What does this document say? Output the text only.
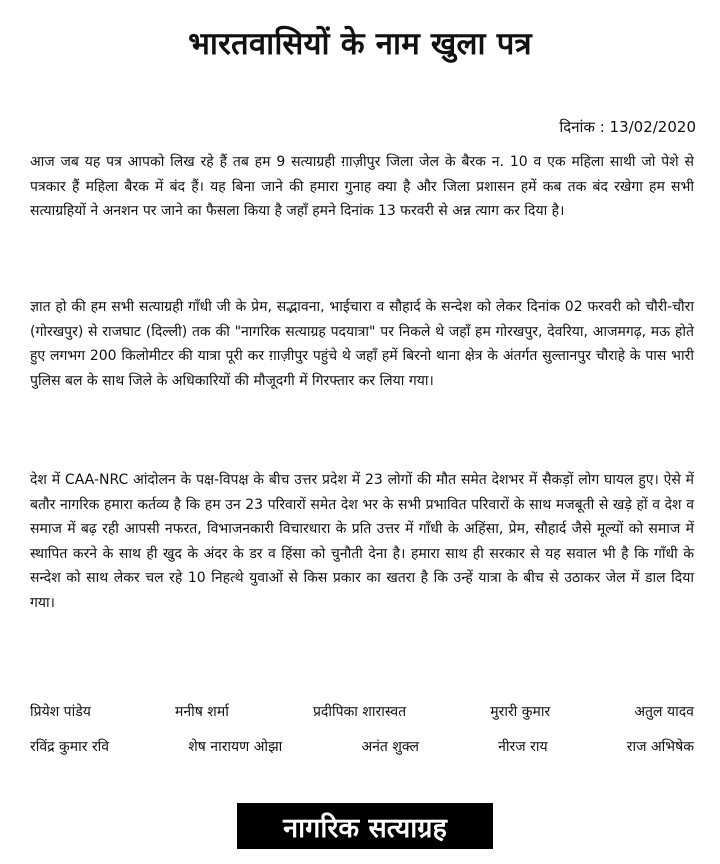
भारतवासियों के नाम खुला पत्र
दिनांक : 13/02/2020

आज जब यह पत्र आपको लिख रहे हैं तब हम 9 सत्याग्रही ग़ाज़ीपुर जिला जेल के बैरक न. 10 व एक महिला साथी जो पेशे से पत्रकार हैं महिला बैरक में बंद हैं। यह बिना जाने की हमारा गुनाह क्या है और जिला प्रशासन हमें कब तक बंद रखेगा हम सभी सत्याग्रहियों ने अनशन पर जाने का फैसला किया है जहाँ हमने दिनांक 13 फरवरी से अन्न त्याग कर दिया है।

ज्ञात हो की हम सभी सत्याग्रही गाँधी जी के प्रेम, सद्भावना, भाईचारा व सौहार्द के सन्देश को लेकर दिनांक 02 फरवरी को चौरी-चौरा (गोरखपुर) से राजघाट (दिल्ली) तक की "नागरिक सत्याग्रह पदयात्रा" पर निकले थे जहाँ हम गोरखपुर, देवरिया, आजमगढ़, मऊ होते हुए लगभग 200 किलोमीटर की यात्रा पूरी कर ग़ाज़ीपुर पहुंचे थे जहाँ हमें बिरनो थाना क्षेत्र के अंतर्गत सुल्तानपुर चौराहे के पास भारी पुलिस बल के साथ जिले के अधिकारियों की मौजूदगी में गिरफ्तार कर लिया गया।

देश में CAA-NRC आंदोलन के पक्ष-विपक्ष के बीच उत्तर प्रदेश में 23 लोगों की मौत समेत देशभर में सैकड़ों लोग घायल हुए। ऐसे में बतौर नागरिक हमारा कर्तव्य है कि हम उन 23 परिवारों समेत देश भर के सभी प्रभावित परिवारों के साथ मजबूती से खड़े हों व देश व समाज में बढ़ रही आपसी नफरत, विभाजनकारी विचारधारा के प्रति उत्तर में गाँधी के अहिंसा, प्रेम, सौहार्द जैसे मूल्यों को समाज में स्थापित करने के साथ ही खुद के अंदर के डर व हिंसा को चुनौती देना है। हमारा साथ ही सरकार से यह सवाल भी है कि गाँधी के सन्देश को साथ लेकर चल रहे 10 निहत्थे युवाओं से किस प्रकार का खतरा है कि उन्हें यात्रा के बीच से उठाकर जेल में डाल दिया गया।

प्रियेश पांडेय	मनीष शर्मा	प्रदीपिका शारास्वत	मुरारी कुमार	अतुल यादव
रविंद्र कुमार रवि	शेष नारायण ओझा	अनंत शुक्ल	नीरज राय	राज अभिषेक
नागरिक सत्याग्रह
